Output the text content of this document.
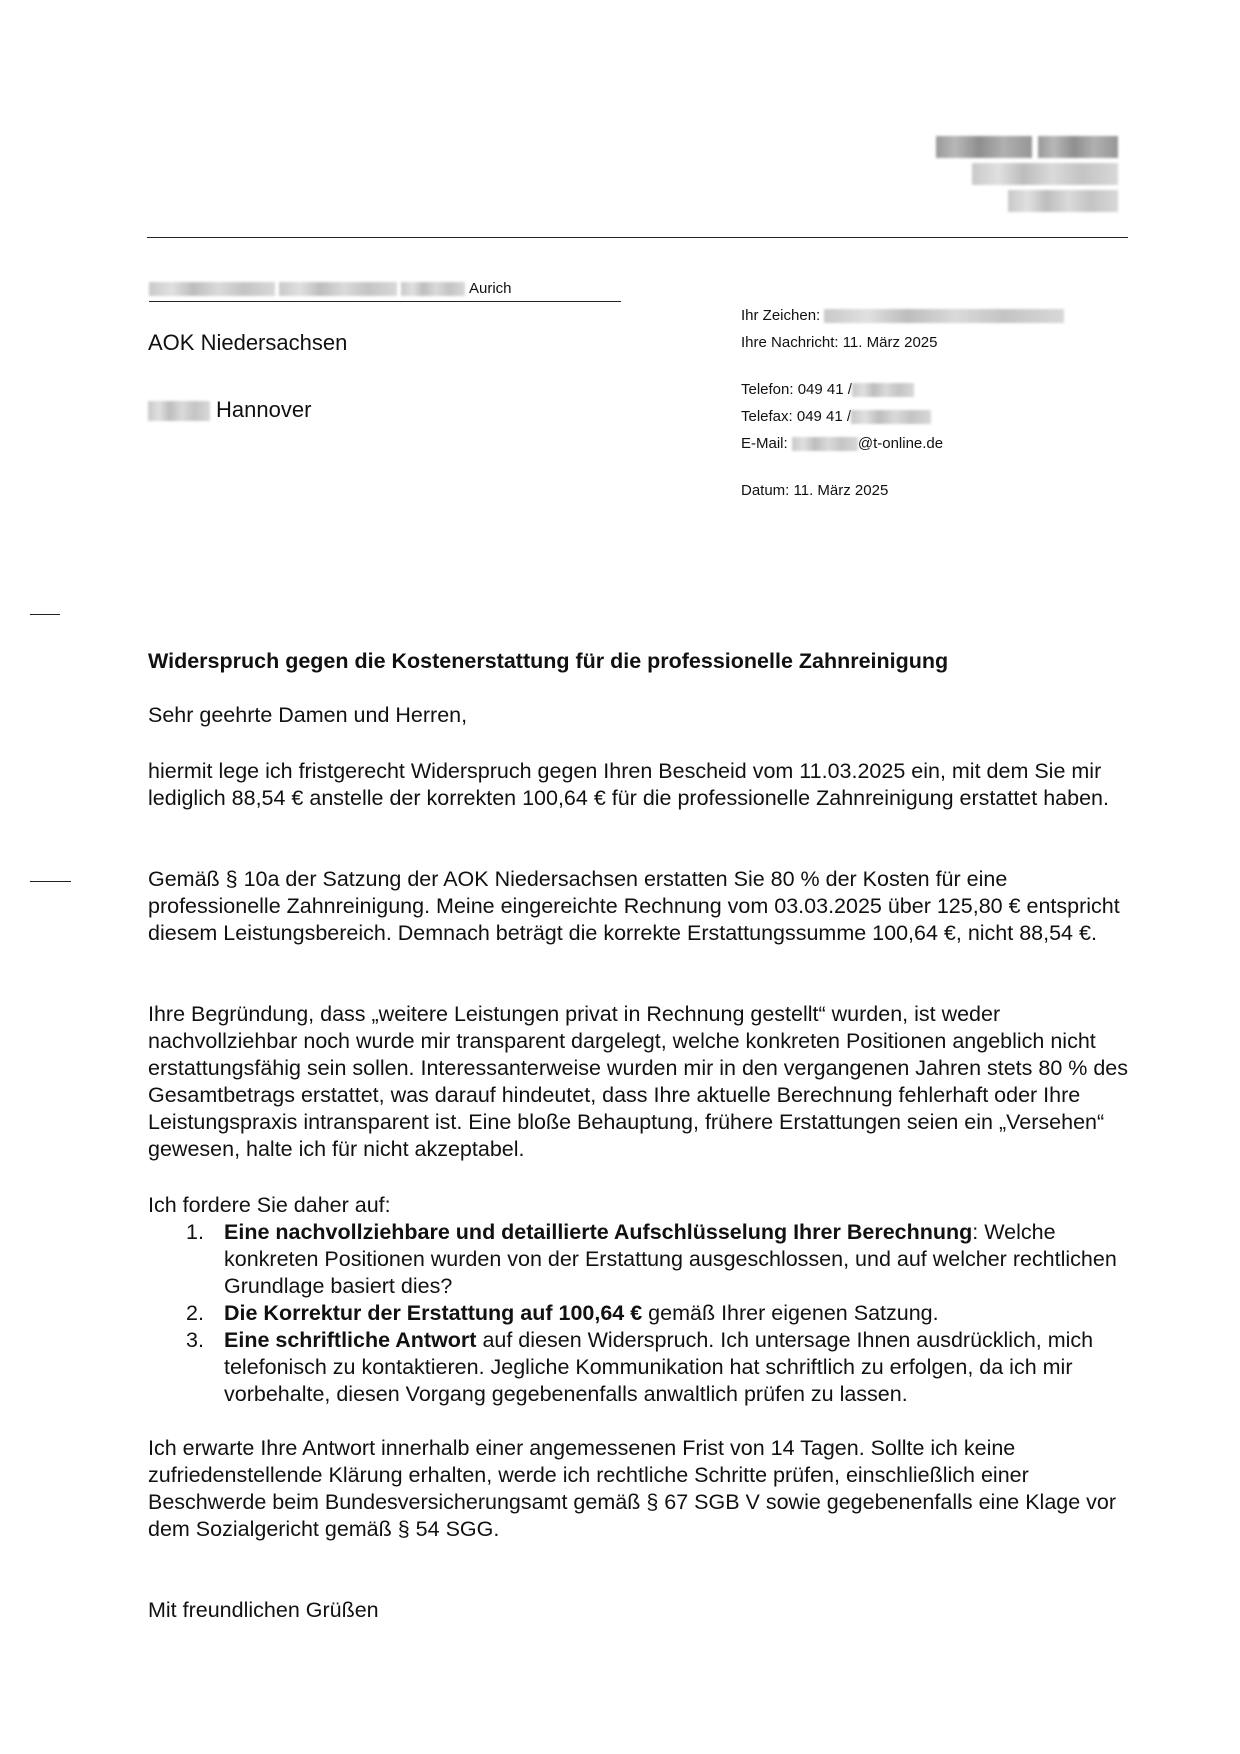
Aurich
AOK Niedersachsen
Hannover
Ihr Zeichen:
Ihre Nachricht: 11. März 2025
Telefon: 049 41 /
Telefax: 049 41 /
E-Mail:	@t-online.de
Datum: 11. März 2025
Widerspruch gegen die Kostenerstattung für die professionelle Zahnreinigung
Sehr geehrte Damen und Herren,
hiermit lege ich fristgerecht Widerspruch gegen Ihren Bescheid vom 11.03.2025 ein, mit dem Sie mir lediglich 88,54 € anstelle der korrekten 100,64 € für die professionelle Zahnreinigung erstattet haben.
Gemäß § 10a der Satzung der AOK Niedersachsen erstatten Sie 80 % der Kosten für eine professionelle Zahnreinigung. Meine eingereichte Rechnung vom 03.03.2025 über 125,80 € entspricht diesem Leistungsbereich. Demnach beträgt die korrekte Erstattungssumme 100,64 €, nicht 88,54 €.
Ihre Begründung, dass „weitere Leistungen privat in Rechnung gestellt“ wurden, ist weder nachvollziehbar noch wurde mir transparent dargelegt, welche konkreten Positionen angeblich nicht erstattungsfähig sein sollen. Interessanterweise wurden mir in den vergangenen Jahren stets 80 % des Gesamtbetrags erstattet, was darauf hindeutet, dass Ihre aktuelle Berechnung fehlerhaft oder Ihre Leistungspraxis intransparent ist. Eine bloße Behauptung, frühere Erstattungen seien ein „Versehen“ gewesen, halte ich für nicht akzeptabel.
Ich fordere Sie daher auf:
1. Eine nachvollziehbare und detaillierte Aufschlüsselung Ihrer Berechnung: Welche konkreten Positionen wurden von der Erstattung ausgeschlossen, und auf welcher rechtlichen Grundlage basiert dies?
2. Die Korrektur der Erstattung auf 100,64 € gemäß Ihrer eigenen Satzung.
3. Eine schriftliche Antwort auf diesen Widerspruch. Ich untersage Ihnen ausdrücklich, mich telefonisch zu kontaktieren. Jegliche Kommunikation hat schriftlich zu erfolgen, da ich mir vorbehalte, diesen Vorgang gegebenenfalls anwaltlich prüfen zu lassen.
Ich erwarte Ihre Antwort innerhalb einer angemessenen Frist von 14 Tagen. Sollte ich keine zufriedenstellende Klärung erhalten, werde ich rechtliche Schritte prüfen, einschließlich einer Beschwerde beim Bundesversicherungsamt gemäß § 67 SGB V sowie gegebenenfalls eine Klage vor dem Sozialgericht gemäß § 54 SGG.
Mit freundlichen Grüßen
